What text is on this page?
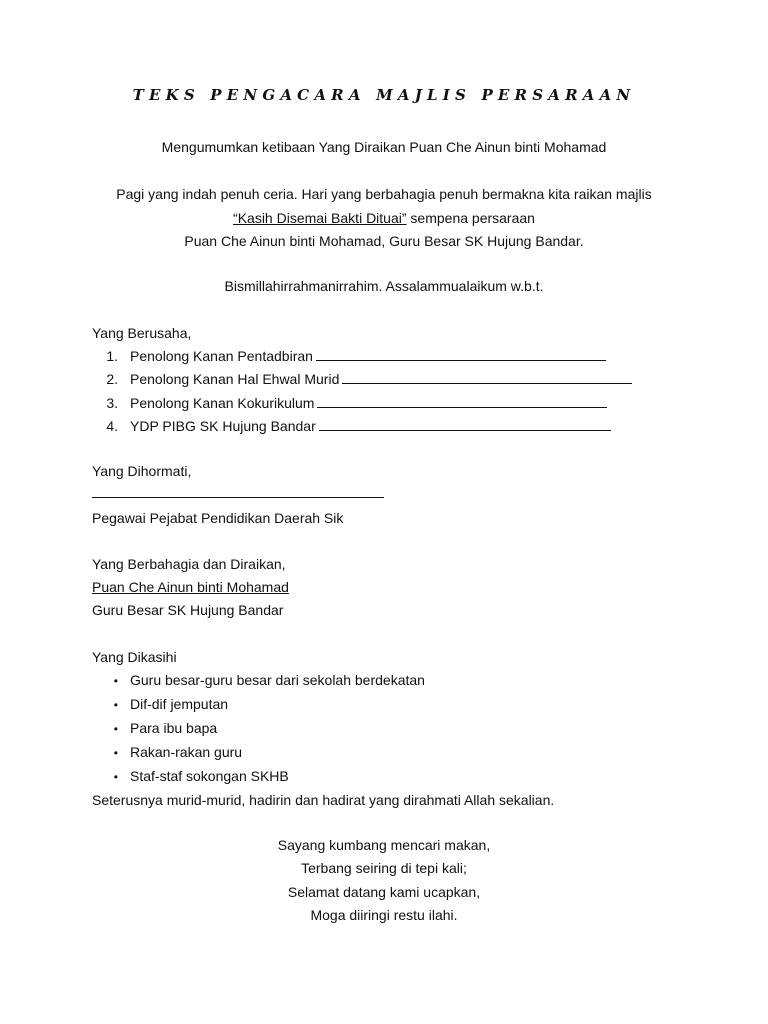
TEKS PENGACARA MAJLIS PERSARAAN
Mengumumkan ketibaan Yang Diraikan Puan Che Ainun binti Mohamad
Pagi yang indah penuh ceria. Hari yang berbahagia penuh bermakna kita raikan majlis
“Kasih Disemai Bakti Dituai” sempena persaraan
Puan Che Ainun binti Mohamad, Guru Besar SK Hujung Bandar.
Bismillahirrahmanirrahim. Assalammualaikum w.b.t.
Yang Berusaha,
1. Penolong Kanan Pentadbiran
2. Penolong Kanan Hal Ehwal Murid
3. Penolong Kanan Kokurikulum
4. YDP PIBG SK Hujung Bandar
Yang Dihormati,
Pegawai Pejabat Pendidikan Daerah Sik
Yang Berbahagia dan Diraikan,
Puan Che Ainun binti Mohamad
Guru Besar SK Hujung Bandar
Yang Dikasihi
• Guru besar-guru besar dari sekolah berdekatan
• Dif-dif jemputan
• Para ibu bapa
• Rakan-rakan guru
• Staf-staf sokongan SKHB
Seterusnya murid-murid, hadirin dan hadirat yang dirahmati Allah sekalian.
Sayang kumbang mencari makan,
Terbang seiring di tepi kali;
Selamat datang kami ucapkan,
Moga diiringi restu ilahi.
